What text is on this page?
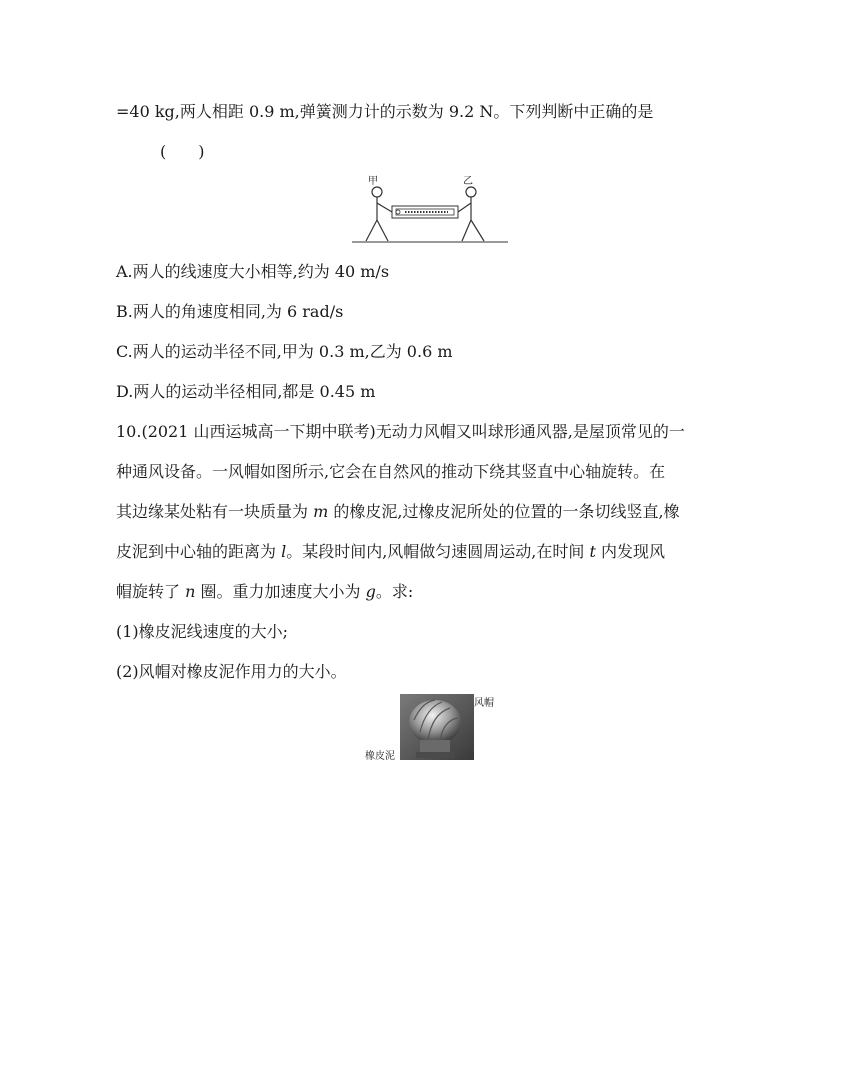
=40 kg,两人相距 0.9 m,弹簧测力计的示数为 9.2 N。下列判断中正确的是
(　　)
甲	乙
A.两人的线速度大小相等,约为 40 m/s
B.两人的角速度相同,为 6 rad/s
C.两人的运动半径不同,甲为 0.3 m,乙为 0.6 m
D.两人的运动半径相同,都是 0.45 m
10.(2021 山西运城高一下期中联考)无动力风帽又叫球形通风器,是屋顶常见的一
种通风设备。一风帽如图所示,它会在自然风的推动下绕其竖直中心轴旋转。在
其边缘某处粘有一块质量为 m 的橡皮泥,过橡皮泥所处的位置的一条切线竖直,橡
皮泥到中心轴的距离为 l。某段时间内,风帽做匀速圆周运动,在时间 t 内发现风
帽旋转了 n 圈。重力加速度大小为 g。求:
(1)橡皮泥线速度的大小;
(2)风帽对橡皮泥作用力的大小。
风帽
橡皮泥
